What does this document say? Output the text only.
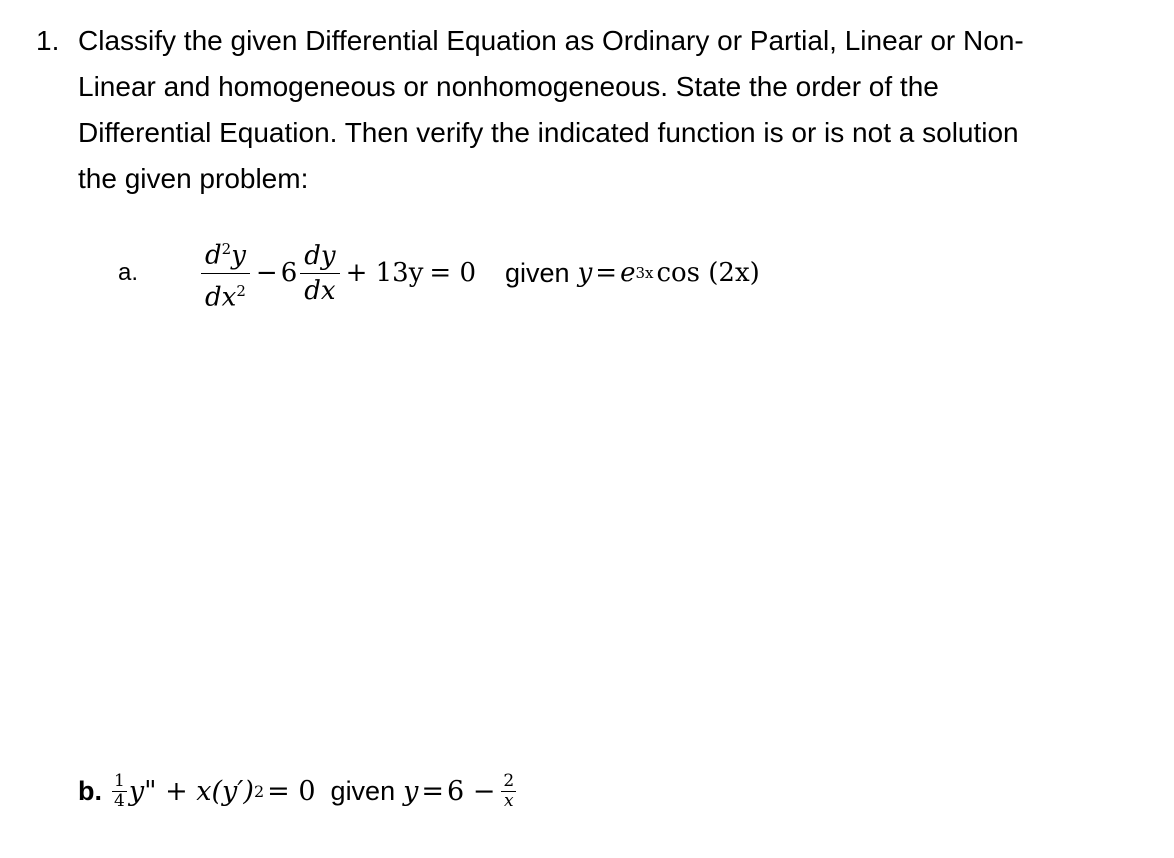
1. Classify the given Differential Equation as Ordinary or Partial, Linear or Non-
Linear and homogeneous or nonhomogeneous. State the order of the
Differential Equation. Then verify the indicated function is or is not a solution
the given problem:
a.	$\frac{d^2y}{dx^2} - 6 \frac{dy}{dx} + 13y = 0$ given y = e 3x cos (2x)
b. $\frac{1}{4} y$" + x(y′) 2 = 0 given $y = 6 - \frac{2}{x}$
